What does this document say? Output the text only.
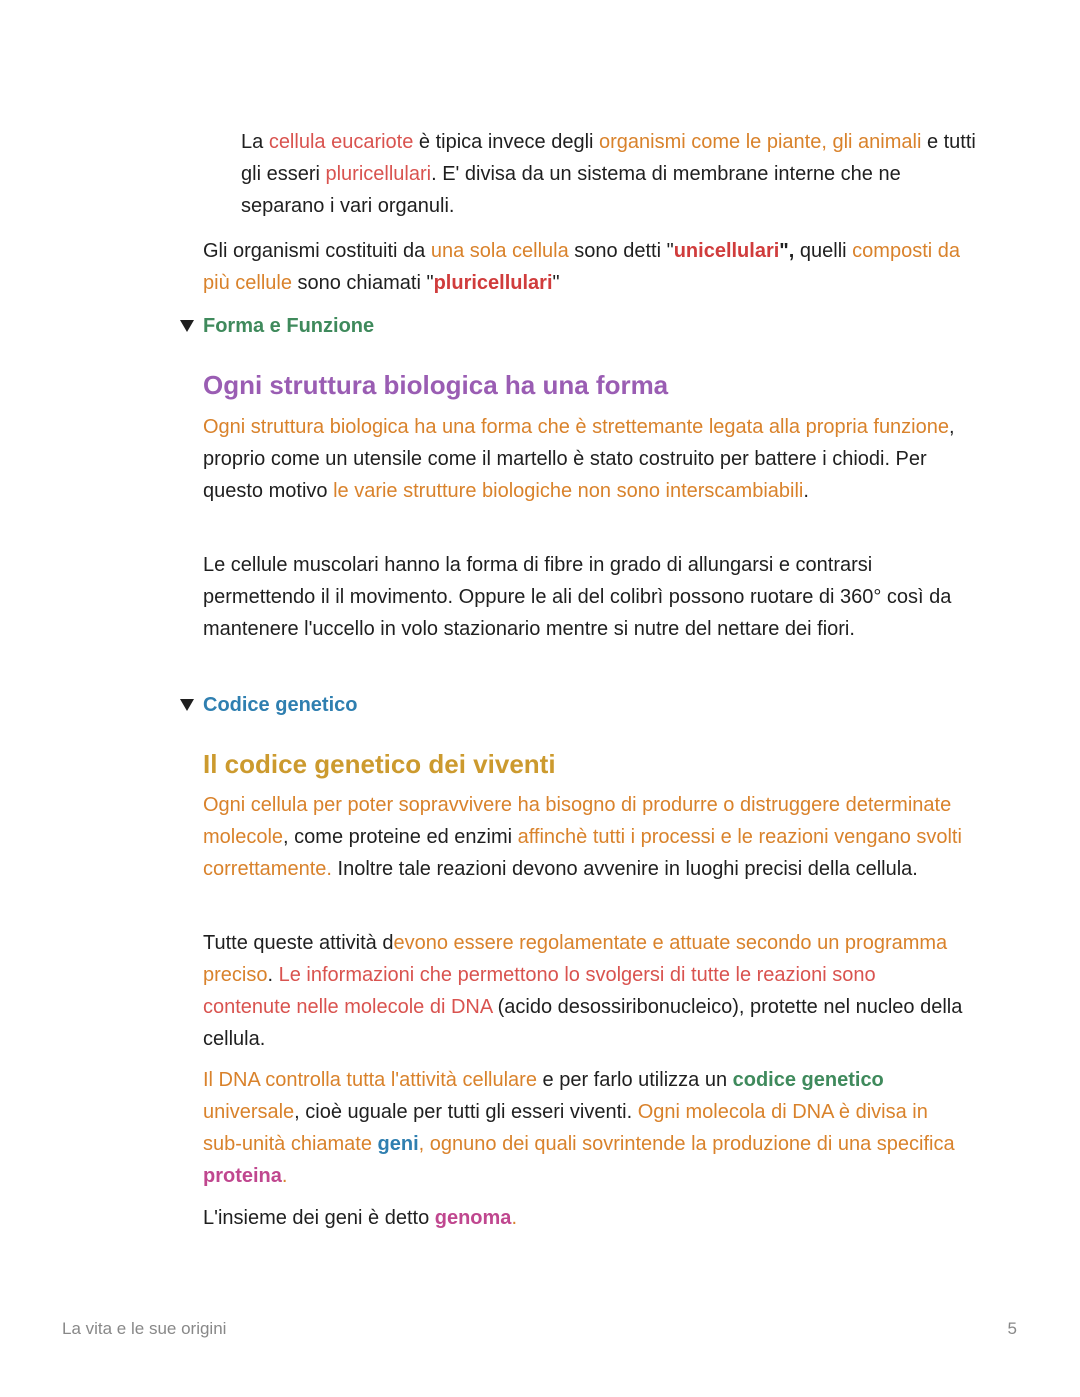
La cellula eucariote è tipica invece degli organismi come le piante, gli animali e tutti gli esseri pluricellulari. E' divisa da un sistema di membrane interne che ne separano i vari organuli.

Gli organismi costituiti da una sola cellula sono detti "unicellulari", quelli composti da più cellule sono chiamati "pluricellulari"

Forma e Funzione
Ogni struttura biologica ha una forma

Ogni struttura biologica ha una forma che è strettemante legata alla propria funzione, proprio come un utensile come il martello è stato costruito per battere i chiodi. Per questo motivo le varie strutture biologiche non sono interscambiabili.

Le cellule muscolari hanno la forma di fibre in grado di allungarsi e contrarsi permettendo il il movimento. Oppure le ali del colibrì possono ruotare di 360° così da mantenere l'uccello in volo stazionario mentre si nutre del nettare dei fiori.

Codice genetico
Il codice genetico dei viventi

Ogni cellula per poter sopravvivere ha bisogno di produrre o distruggere determinate molecole, come proteine ed enzimi affinchè tutti i processi e le reazioni vengano svolti correttamente. Inoltre tale reazioni devono avvenire in luoghi precisi della cellula.

Tutte queste attività devono essere regolamentate e attuate secondo un programma preciso. Le informazioni che permettono lo svolgersi di tutte le reazioni sono contenute nelle molecole di DNA (acido desossiribonucleico), protette nel nucleo della cellula.

Il DNA controlla tutta l'attività cellulare e per farlo utilizza un codice genetico universale, cioè uguale per tutti gli esseri viventi. Ogni molecola di DNA è divisa in sub-unità chiamate geni, ognuno dei quali sovrintende la produzione di una specifica proteina.

L'insieme dei geni è detto genoma.

La vita e le sue origini	5
